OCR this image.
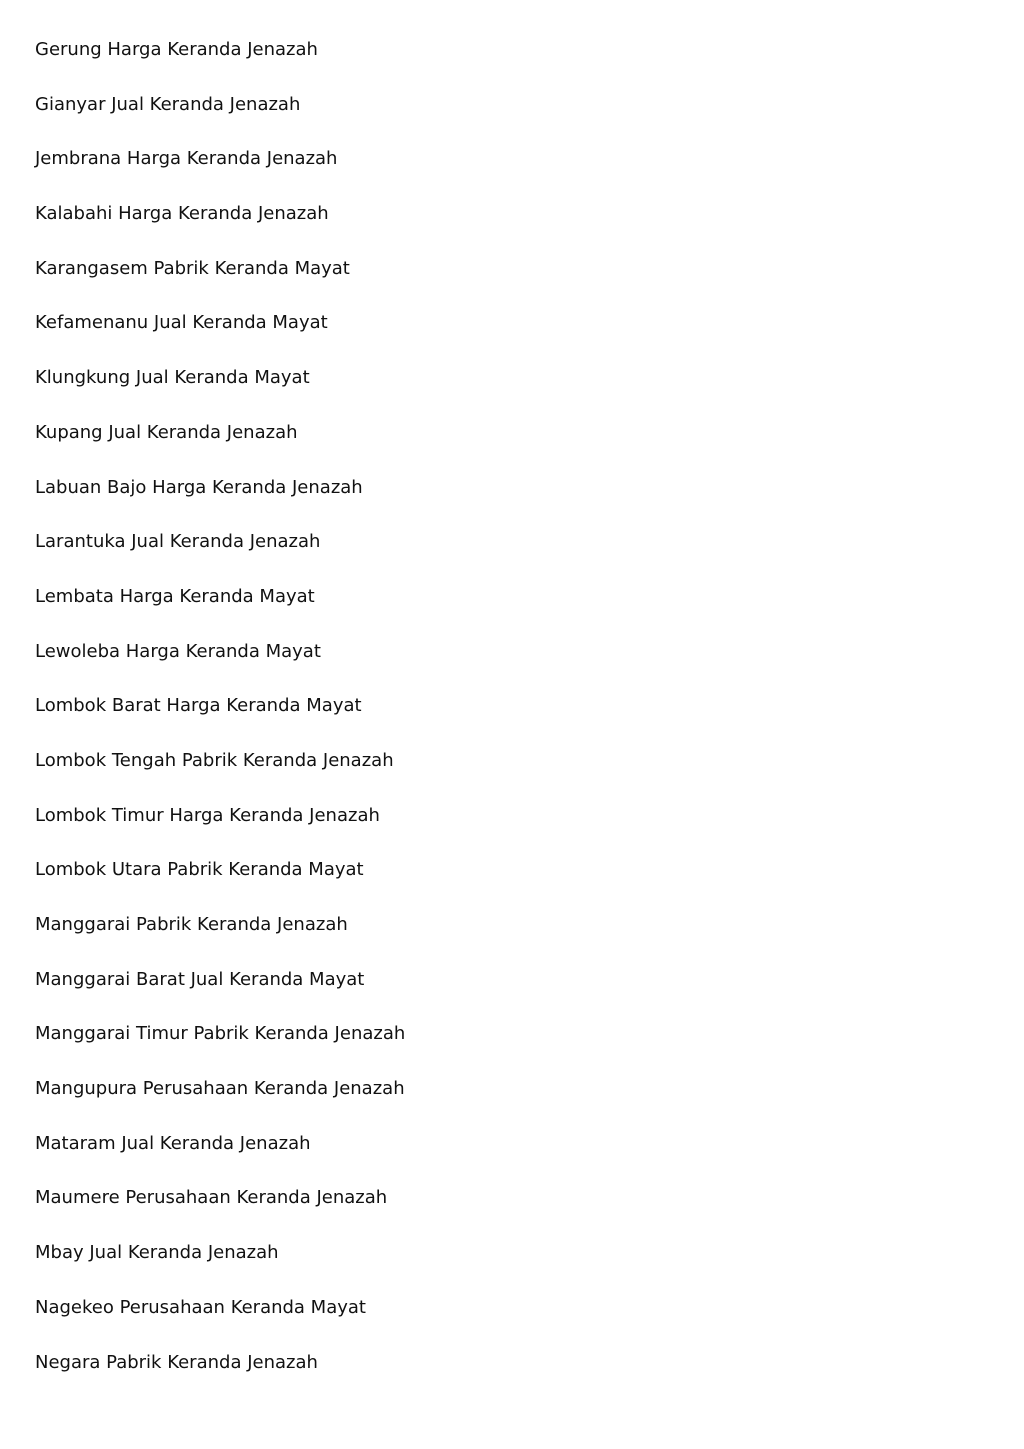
Gerung Harga Keranda Jenazah
Gianyar Jual Keranda Jenazah
Jembrana Harga Keranda Jenazah
Kalabahi Harga Keranda Jenazah
Karangasem Pabrik Keranda Mayat
Kefamenanu Jual Keranda Mayat
Klungkung Jual Keranda Mayat
Kupang Jual Keranda Jenazah
Labuan Bajo Harga Keranda Jenazah
Larantuka Jual Keranda Jenazah
Lembata Harga Keranda Mayat
Lewoleba Harga Keranda Mayat
Lombok Barat Harga Keranda Mayat
Lombok Tengah Pabrik Keranda Jenazah
Lombok Timur Harga Keranda Jenazah
Lombok Utara Pabrik Keranda Mayat
Manggarai Pabrik Keranda Jenazah
Manggarai Barat Jual Keranda Mayat
Manggarai Timur Pabrik Keranda Jenazah
Mangupura Perusahaan Keranda Jenazah
Mataram Jual Keranda Jenazah
Maumere Perusahaan Keranda Jenazah
Mbay Jual Keranda Jenazah
Nagekeo Perusahaan Keranda Mayat
Negara Pabrik Keranda Jenazah
